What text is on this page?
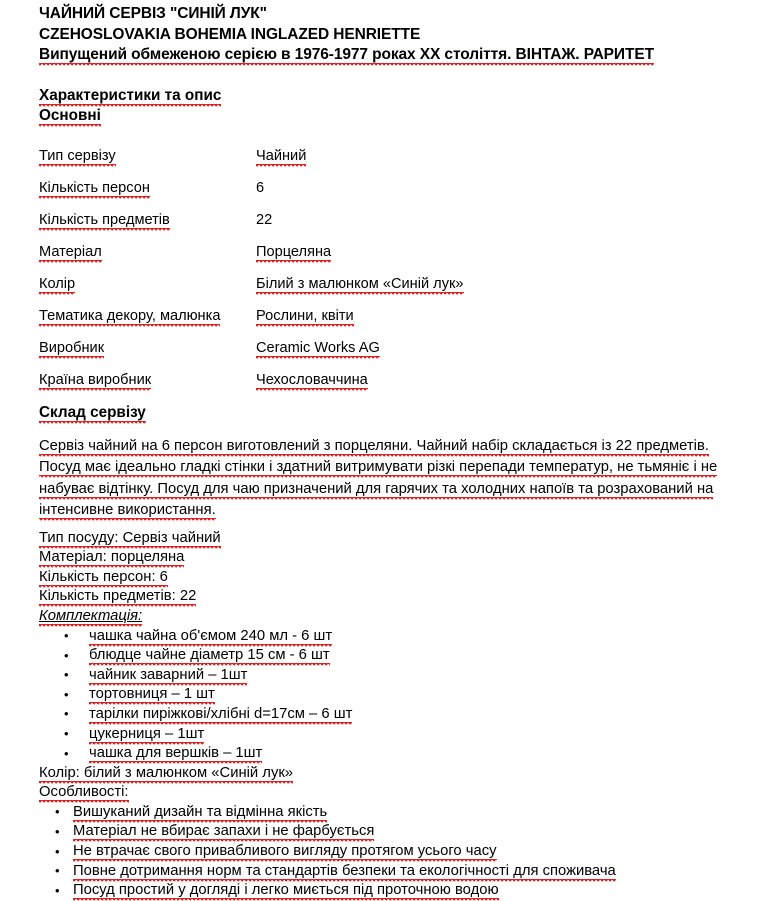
ЧАЙНИЙ СЕРВІЗ "СИНІЙ ЛУК"
CZEHOSLOVAKIA BOHEMIA INGLAZED HENRIETTE
Випущений обмеженою серією в 1976-1977 роках ХХ століття. ВІНТАЖ. РАРИТЕТ
Характеристики та опис
Основні
Тип сервізу	Чайний
Кількість персон	6
Кількість предметів	22
Матеріал	Порцеляна
Колір	Білий з малюнком «Синій лук»
Тематика декору, малюнка	Рослини, квіти
Виробник	Ceramic Works AG
Країна виробник	Чехословаччина
Склад сервізу
Сервіз чайний на 6 персон виготовлений з порцеляни. Чайний набір складається із 22 предметів. Посуд має ідеально гладкі стінки і здатний витримувати різкі перепади температур, не тьмяніє і не набуває відтінку. Посуд для чаю призначений для гарячих та холодних напоїв та розрахований на інтенсивне використання.
Тип посуду: Сервіз чайний
Матеріал: порцеляна
Кількість персон: 6
Кількість предметів: 22
Комплектація:
• чашка чайна об'ємом 240 мл - 6 шт
• блюдце чайне діаметр 15 см - 6 шт
• чайник заварний – 1шт
• тортовниця – 1 шт
• тарілки пиріжкові/хлібні d=17см – 6 шт
• цукерниця – 1шт
• чашка для вершків – 1шт
Колір: білий з малюнком «Синій лук»
Особливості:
• Вишуканий дизайн та відмінна якість
• Матеріал не вбирає запахи і не фарбується
• Не втрачає свого привабливого вигляду протягом усього часу
• Повне дотримання норм та стандартів безпеки та екологічності для споживача
• Посуд простий у догляді і легко миється під проточною водою
